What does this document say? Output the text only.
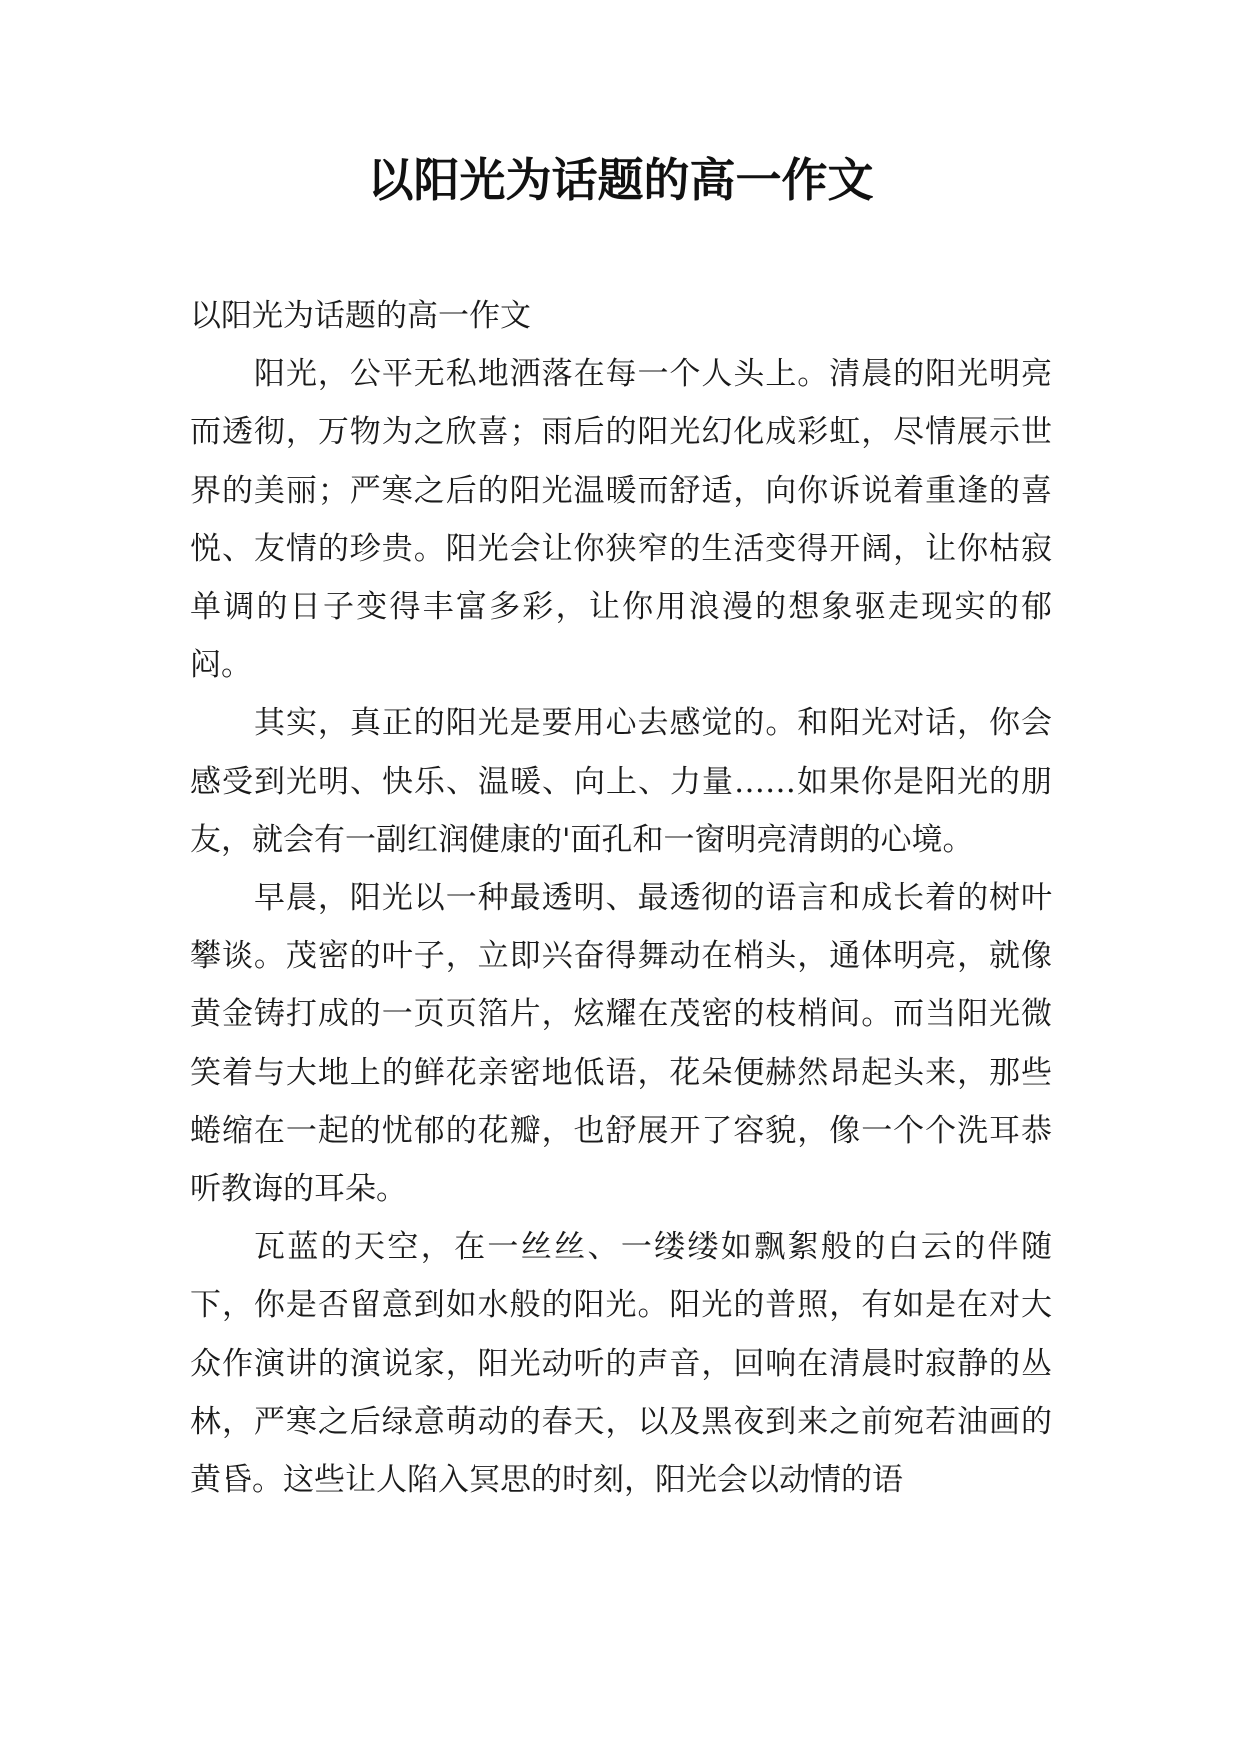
以阳光为话题的高一作文

以阳光为话题的高一作文

阳光，公平无私地洒落在每一个人头上。清晨的阳光明亮而透彻，万物为之欣喜；雨后的阳光幻化成彩虹，尽情展示世界的美丽；严寒之后的阳光温暖而舒适，向你诉说着重逢的喜悦、友情的珍贵。阳光会让你狭窄的生活变得开阔，让你枯寂单调的日子变得丰富多彩，让你用浪漫的想象驱走现实的郁闷。

其实，真正的阳光是要用心去感觉的。和阳光对话，你会感受到光明、快乐、温暖、向上、力量……如果你是阳光的朋友，就会有一副红润健康的'面孔和一窗明亮清朗的心境。

早晨，阳光以一种最透明、最透彻的语言和成长着的树叶攀谈。茂密的叶子，立即兴奋得舞动在梢头，通体明亮，就像黄金铸打成的一页页箔片，炫耀在茂密的枝梢间。而当阳光微笑着与大地上的鲜花亲密地低语，花朵便赫然昂起头来，那些蜷缩在一起的忧郁的花瓣，也舒展开了容貌，像一个个洗耳恭听教诲的耳朵。

瓦蓝的天空，在一丝丝、一缕缕如飘絮般的白云的伴随下，你是否留意到如水般的阳光。阳光的普照，有如是在对大众作演讲的演说家，阳光动听的声音，回响在清晨时寂静的丛林，严寒之后绿意萌动的春天，以及黑夜到来之前宛若油画的黄昏。这些让人陷入冥思的时刻，阳光会以动情的语
